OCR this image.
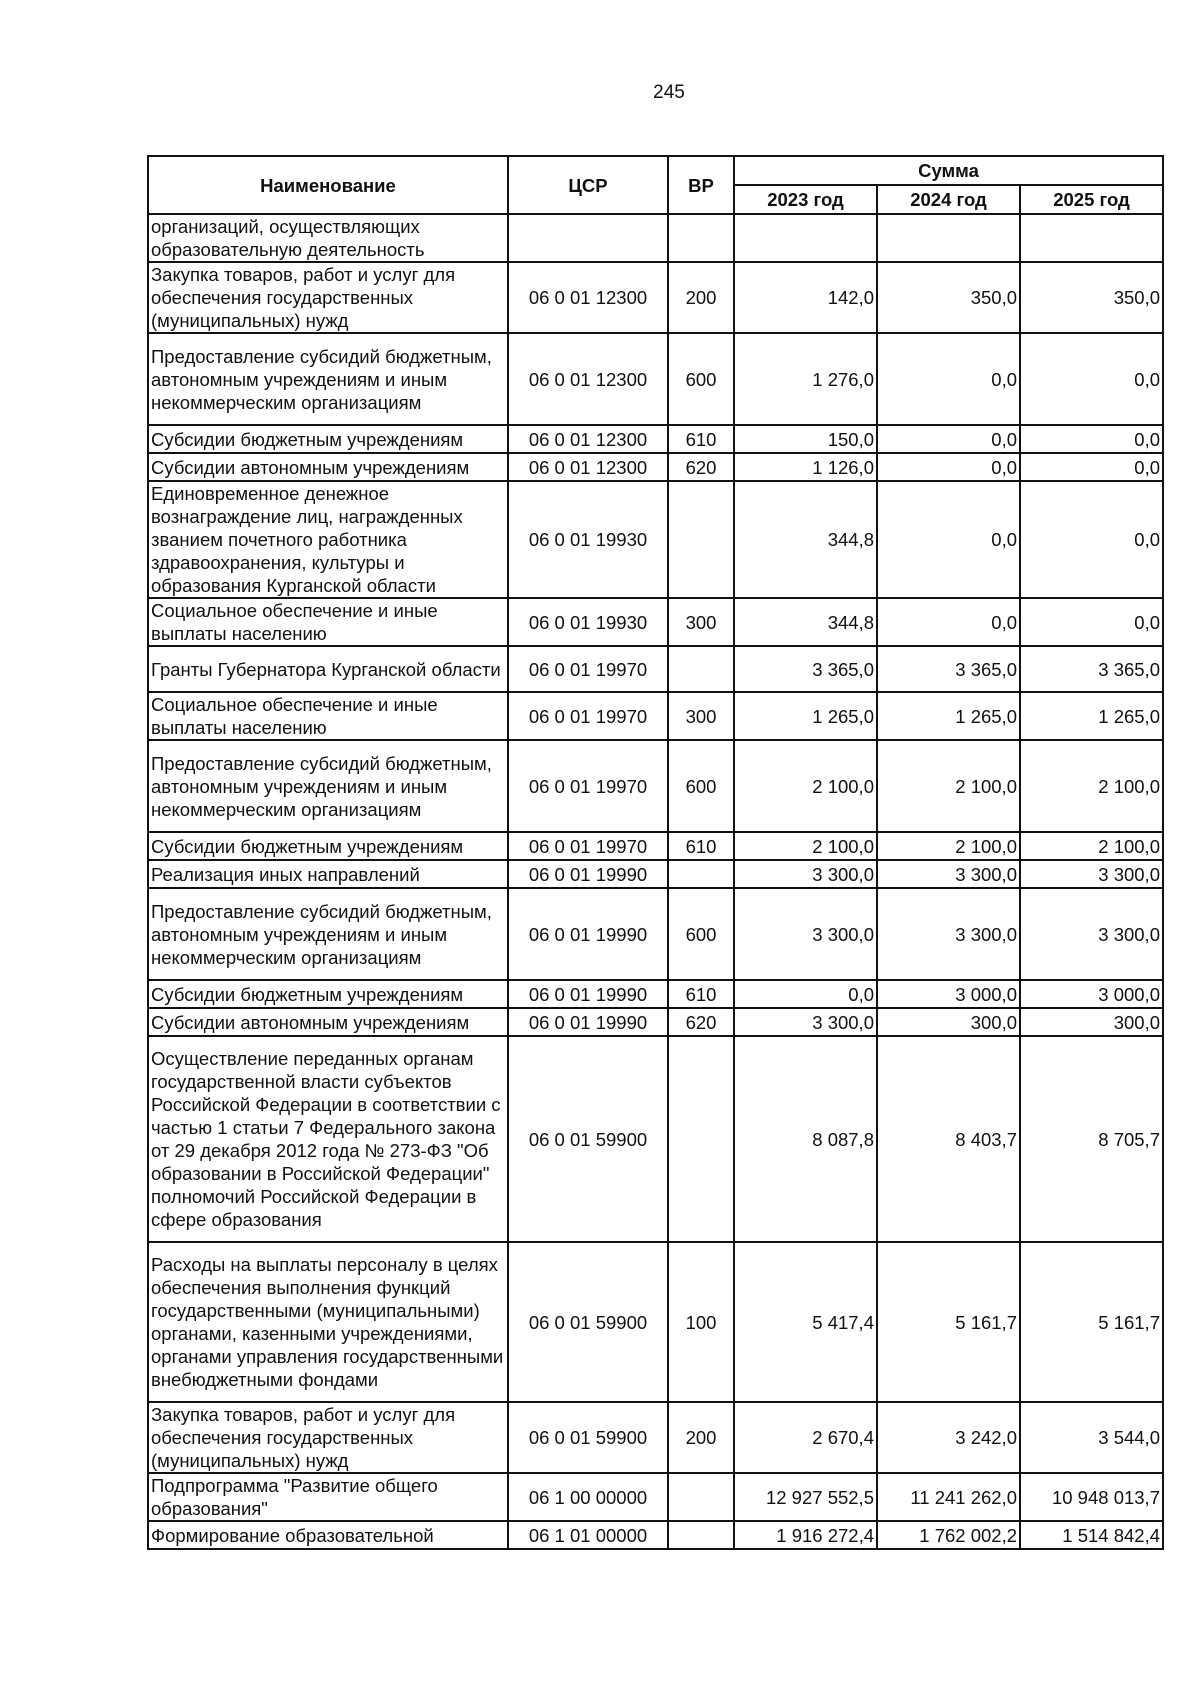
245
Наименование	ЦСР	ВР	Сумма		
			2023 год	2024 год	2025 год
организаций, осуществляющих образовательную деятельность					
Закупка товаров, работ и услуг для обеспечения государственных (муниципальных) нужд	06 0 01 12300	200	142,0	350,0	350,0
Предоставление субсидий бюджетным, автономным учреждениям и иным некоммерческим организациям	06 0 01 12300	600	1 276,0	0,0	0,0
Субсидии бюджетным учреждениям	06 0 01 12300	610	150,0	0,0	0,0
Субсидии автономным учреждениям	06 0 01 12300	620	1 126,0	0,0	0,0
Единовременное денежное вознаграждение лиц, награжденных званием почетного работника здравоохранения, культуры и образования Курганской области	06 0 01 19930		344,8	0,0	0,0
Социальное обеспечение и иные выплаты населению	06 0 01 19930	300	344,8	0,0	0,0
Гранты Губернатора Курганской области	06 0 01 19970		3 365,0	3 365,0	3 365,0
Социальное обеспечение и иные выплаты населению	06 0 01 19970	300	1 265,0	1 265,0	1 265,0
Предоставление субсидий бюджетным, автономным учреждениям и иным некоммерческим организациям	06 0 01 19970	600	2 100,0	2 100,0	2 100,0
Субсидии бюджетным учреждениям	06 0 01 19970	610	2 100,0	2 100,0	2 100,0
Реализация иных направлений	06 0 01 19990		3 300,0	3 300,0	3 300,0
Предоставление субсидий бюджетным, автономным учреждениям и иным некоммерческим организациям	06 0 01 19990	600	3 300,0	3 300,0	3 300,0
Субсидии бюджетным учреждениям	06 0 01 19990	610	0,0	3 000,0	3 000,0
Субсидии автономным учреждениям	06 0 01 19990	620	3 300,0	300,0	300,0
Осуществление переданных органам государственной власти субъектов Российской Федерации в соответствии с частью 1 статьи 7 Федерального закона от 29 декабря 2012 года № 273-ФЗ "Об образовании в Российской Федерации" полномочий Российской Федерации в сфере образования	06 0 01 59900		8 087,8	8 403,7	8 705,7
Расходы на выплаты персоналу в целях обеспечения выполнения функций государственными (муниципальными) органами, казенными учреждениями, органами управления государственными внебюджетными фондами	06 0 01 59900	100	5 417,4	5 161,7	5 161,7
Закупка товаров, работ и услуг для обеспечения государственных (муниципальных) нужд	06 0 01 59900	200	2 670,4	3 242,0	3 544,0
Подпрограмма "Развитие общего образования"	06 1 00 00000		12 927 552,5	11 241 262,0	10 948 013,7
Формирование образовательной	06 1 01 00000		1 916 272,4	1 762 002,2	1 514 842,4
